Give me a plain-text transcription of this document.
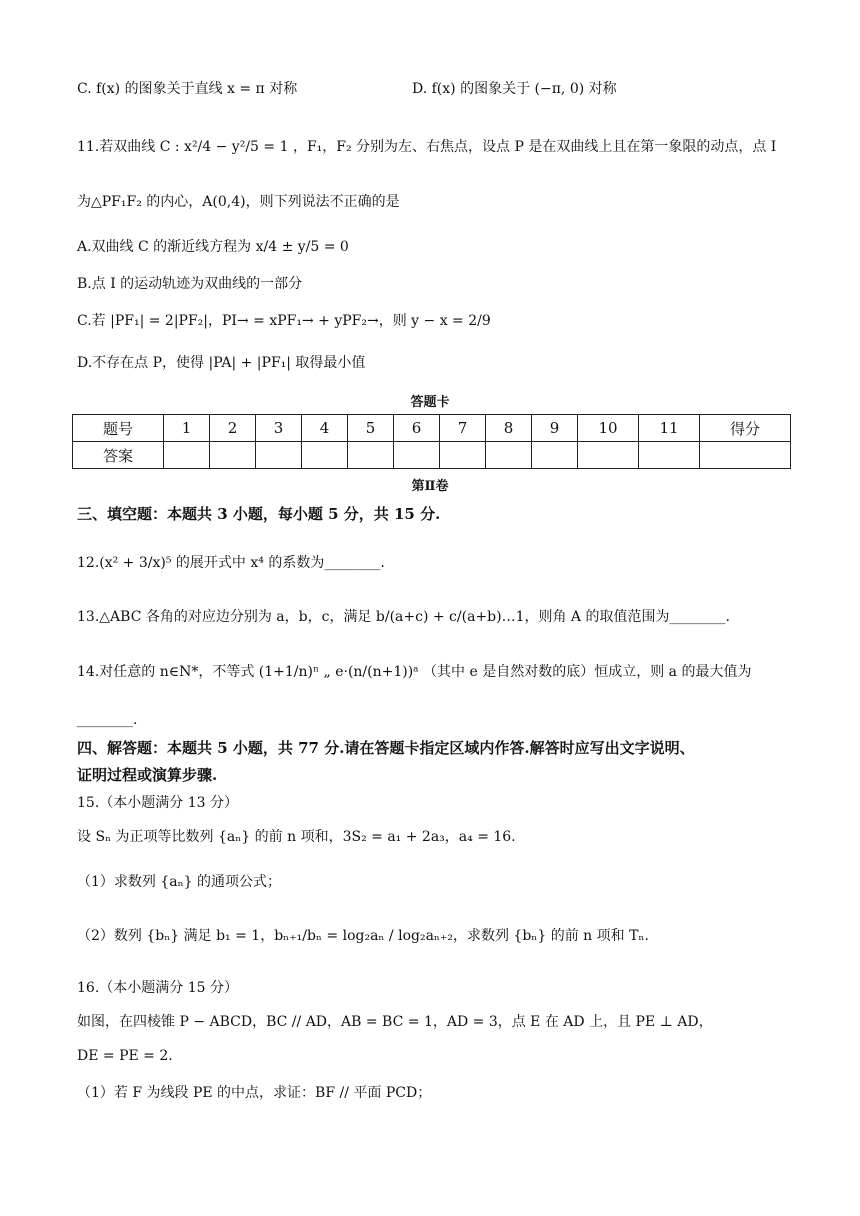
C. f(x) 的图象关于直线 x = π 对称	D. f(x) 的图象关于 (−π, 0) 对称
11.若双曲线 C : x²/4 − y²/5 = 1 ，F₁，F₂ 分别为左、右焦点，设点 P 是在双曲线上且在第一象限的动点，点 I
为△PF₁F₂ 的内心，A(0,4)，则下列说法不正确的是
A.双曲线 C 的渐近线方程为 x/4 ± y/5 = 0
B.点 I 的运动轨迹为双曲线的一部分
C.若 |PF₁| = 2|PF₂|，PI→ = xPF₁→ + yPF₂→，则 y − x = 2/9
D.不存在点 P，使得 |PA| + |PF₁| 取得最小值
答题卡
题号	1	2	3	4	5	6	7	8	9	10	11	得分
答案												
第Ⅱ卷
三、填空题：本题共 3 小题，每小题 5 分，共 15 分.
12.(x² + 3/x)⁵ 的展开式中 x⁴ 的系数为________.
13.△ABC 各角的对应边分别为 a，b，c，满足 b/(a+c) + c/(a+b)…1，则角 A 的取值范围为________.
14.对任意的 n∈N*，不等式 (1+1/n)ⁿ „ e·(n/(n+1))ᵃ （其中 e 是自然对数的底）恒成立，则 a 的最大值为
________.
四、解答题：本题共 5 小题，共 77 分.请在答题卡指定区域内作答.解答时应写出文字说明、
证明过程或演算步骤.
15.（本小题满分 13 分）
设 Sₙ 为正项等比数列 {aₙ} 的前 n 项和，3S₂ = a₁ + 2a₃，a₄ = 16.
（1）求数列 {aₙ} 的通项公式；
（2）数列 {bₙ} 满足 b₁ = 1，bₙ₊₁/bₙ = log₂aₙ / log₂aₙ₊₂，求数列 {bₙ} 的前 n 项和 Tₙ.
16.（本小题满分 15 分）
如图，在四棱锥 P − ABCD，BC // AD，AB = BC = 1，AD = 3，点 E 在 AD 上，且 PE ⊥ AD，
DE = PE = 2.
（1）若 F 为线段 PE 的中点，求证：BF // 平面 PCD；
